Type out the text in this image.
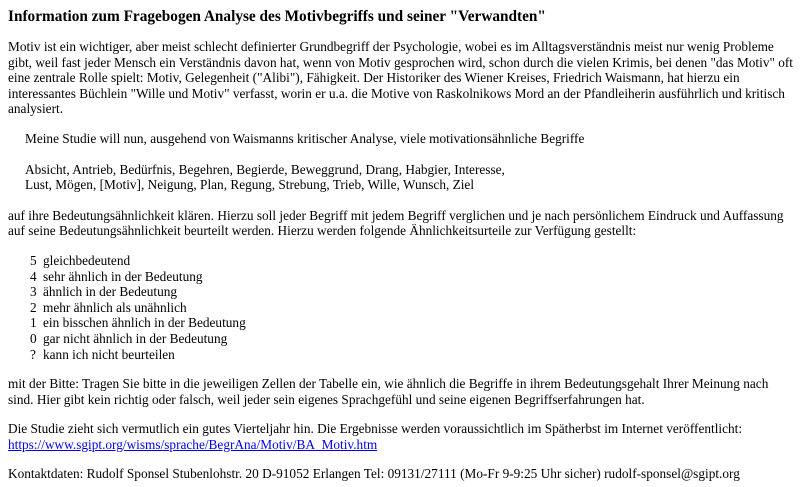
Information zum Fragebogen Analyse des Motivbegriffs und seiner "Verwandten"

Motiv ist ein wichtiger, aber meist schlecht definierter Grundbegriff der Psychologie, wobei es im Alltagsverständnis meist nur wenig Probleme gibt, weil fast jeder Mensch ein Verständnis davon hat, wenn von Motiv gesprochen wird, schon durch die vielen Krimis, bei denen "das Motiv" oft eine zentrale Rolle spielt: Motiv, Gelegenheit ("Alibi"), Fähigkeit. Der Historiker des Wiener Kreises, Friedrich Waismann, hat hierzu ein interessantes Büchlein "Wille und Motiv" verfasst, worin er u.a. die Motive von Raskolnikows Mord an der Pfandleiherin ausführlich und kritisch analysiert.

Meine Studie will nun, ausgehend von Waismanns kritischer Analyse, viele motivationsähnliche Begriffe

Absicht, Antrieb, Bedürfnis, Begehren, Begierde, Beweggrund, Drang, Habgier, Interesse,
Lust, Mögen, [Motiv], Neigung, Plan, Regung, Strebung, Trieb, Wille, Wunsch, Ziel

auf ihre Bedeutungsähnlichkeit klären. Hierzu soll jeder Begriff mit jedem Begriff verglichen und je nach persönlichem Eindruck und Auffassung auf seine Bedeutungsähnlichkeit beurteilt werden. Hierzu werden folgende Ähnlichkeitsurteile zur Verfügung gestellt:

5 gleichbedeutend
4 sehr ähnlich in der Bedeutung
3 ähnlich in der Bedeutung
2 mehr ähnlich als unähnlich
1 ein bisschen ähnlich in der Bedeutung
0 gar nicht ähnlich in der Bedeutung
? kann ich nicht beurteilen

mit der Bitte: Tragen Sie bitte in die jeweiligen Zellen der Tabelle ein, wie ähnlich die Begriffe in ihrem Bedeutungsgehalt Ihrer Meinung nach sind. Hier gibt kein richtig oder falsch, weil jeder sein eigenes Sprachgefühl und seine eigenen Begriffserfahrungen hat.

Die Studie zieht sich vermutlich ein gutes Vierteljahr hin. Die Ergebnisse werden voraussichtlich im Spätherbst im Internet veröffentlicht:
https://www.sgipt.org/wisms/sprache/BegrAna/Motiv/BA_Motiv.htm

Kontaktdaten: Rudolf Sponsel Stubenlohstr. 20 D-91052 Erlangen Tel: 09131/27111 (Mo-Fr 9-9:25 Uhr sicher) rudolf-sponsel@sgipt.org
